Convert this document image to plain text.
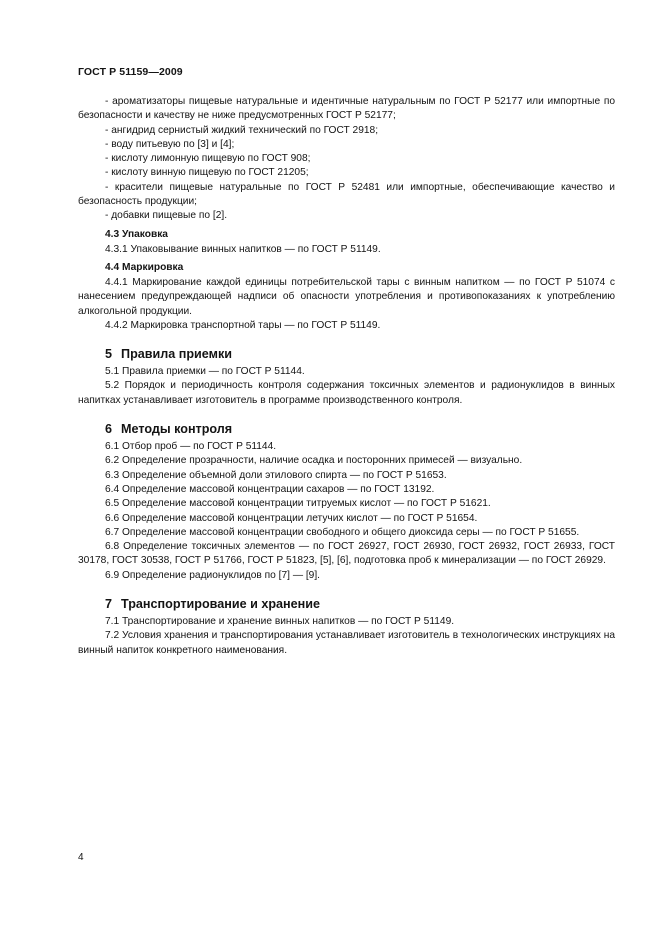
ГОСТ Р 51159—2009

- ароматизаторы пищевые натуральные и идентичные натуральным по ГОСТ Р 52177 или импортные по безопасности и качеству не ниже предусмотренных ГОСТ Р 52177;

- ангидрид сернистый жидкий технический по ГОСТ 2918;

- воду питьевую по [3] и [4];

- кислоту лимонную пищевую по ГОСТ 908;

- кислоту винную пищевую по ГОСТ 21205;

- красители пищевые натуральные по ГОСТ Р 52481 или импортные, обеспечивающие качество и безопасность продукции;

- добавки пищевые по [2].

4.3 Упаковка

4.3.1 Упаковывание винных напитков — по ГОСТ Р 51149.

4.4 Маркировка

4.4.1 Маркирование каждой единицы потребительской тары с винным напитком — по ГОСТ Р 51074 с нанесением предупреждающей надписи об опасности употребления и противопоказаниях к употреблению алкогольной продукции.

4.4.2 Маркировка транспортной тары — по ГОСТ Р 51149.

5 Правила приемки

5.1 Правила приемки — по ГОСТ Р 51144.

5.2 Порядок и периодичность контроля содержания токсичных элементов и радионуклидов в винных напитках устанавливает изготовитель в программе производственного контроля.

6 Методы контроля

6.1 Отбор проб — по ГОСТ Р 51144.

6.2 Определение прозрачности, наличие осадка и посторонних примесей — визуально.

6.3 Определение объемной доли этилового спирта — по ГОСТ Р 51653.

6.4 Определение массовой концентрации сахаров — по ГОСТ 13192.

6.5 Определение массовой концентрации титруемых кислот — по ГОСТ Р 51621.

6.6 Определение массовой концентрации летучих кислот — по ГОСТ Р 51654.

6.7 Определение массовой концентрации свободного и общего диоксида серы — по ГОСТ Р 51655.

6.8 Определение токсичных элементов — по ГОСТ 26927, ГОСТ 26930, ГОСТ 26932, ГОСТ 26933, ГОСТ 30178, ГОСТ 30538, ГОСТ Р 51766, ГОСТ Р 51823, [5], [6], подготовка проб к минерализации — по ГОСТ 26929.

6.9 Определение радионуклидов по [7] — [9].

7 Транспортирование и хранение

7.1 Транспортирование и хранение винных напитков — по ГОСТ Р 51149.

7.2 Условия хранения и транспортирования устанавливает изготовитель в технологических инструкциях на винный напиток конкретного наименования.

4
